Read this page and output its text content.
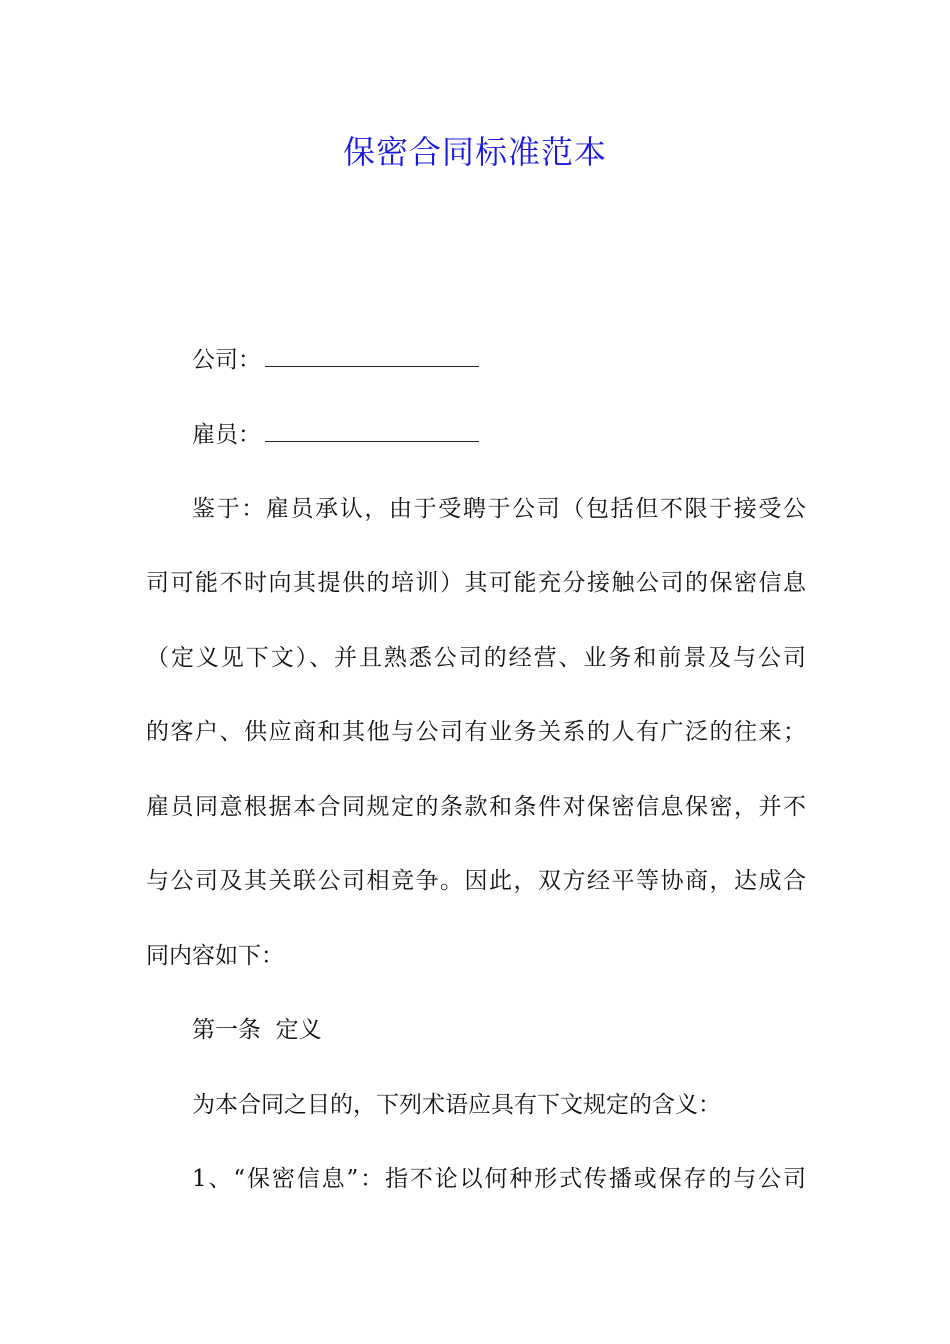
保密合同标准范本
公司：
雇员：
鉴于：雇员承认，由于受聘于公司（包括但不限于接受公
司可能不时向其提供的培训）其可能充分接触公司的保密信息
（定义见下文）、并且熟悉公司的经营、业务和前景及与公司
的客户、供应商和其他与公司有业务关系的人有广泛的往来；
雇员同意根据本合同规定的条款和条件对保密信息保密，并不
与公司及其关联公司相竞争。因此，双方经平等协商，达成合
同内容如下：
第一条  定义
为本合同之目的，下列术语应具有下文规定的含义：
1、“保密信息”：指不论以何种形式传播或保存的与公司
